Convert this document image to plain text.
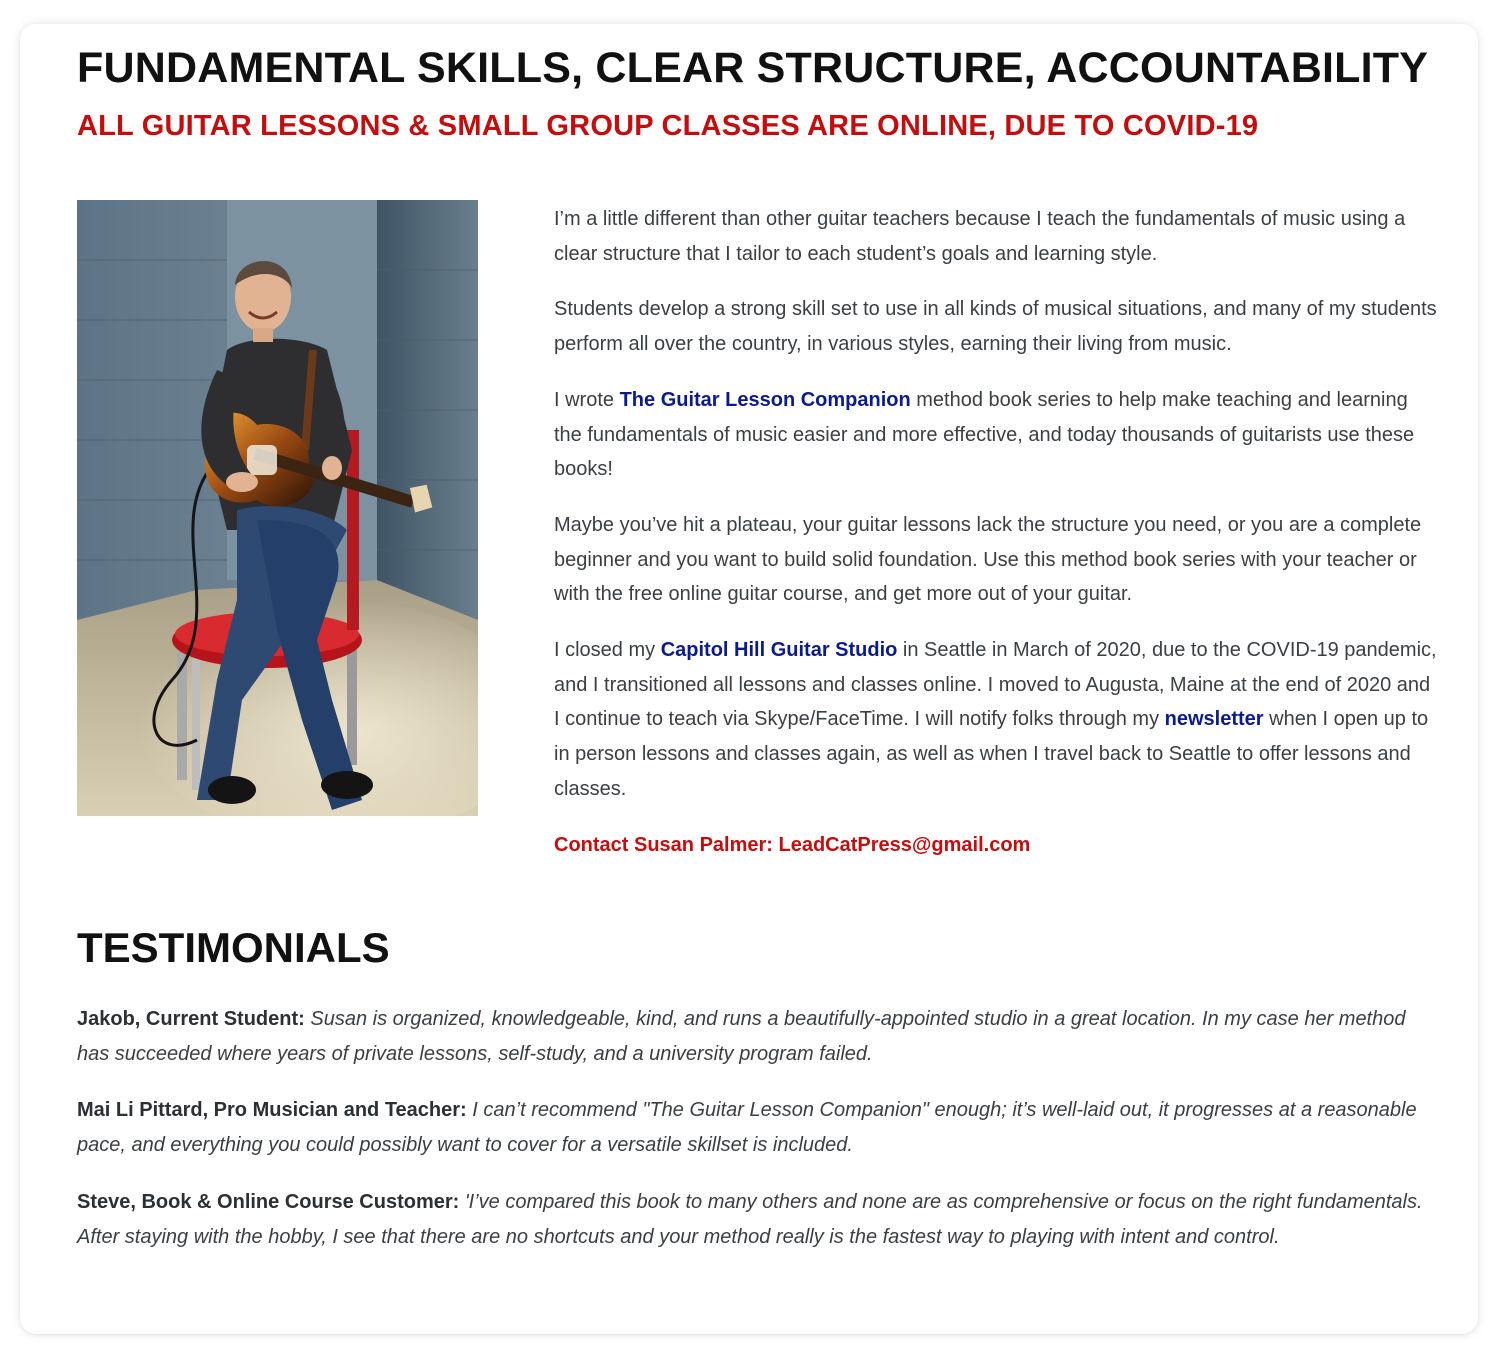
FUNDAMENTAL SKILLS, CLEAR STRUCTURE, ACCOUNTABILITY
ALL GUITAR LESSONS & SMALL GROUP CLASSES ARE ONLINE, DUE TO COVID-19

I’m a little different than other guitar teachers because I teach the fundamentals of music using a clear structure that I tailor to each student’s goals and learning style.

Students develop a strong skill set to use in all kinds of musical situations, and many of my students perform all over the country, in various styles, earning their living from music.

I wrote The Guitar Lesson Companion method book series to help make teaching and learning the fundamentals of music easier and more effective, and today thousands of guitarists use these books!

Maybe you’ve hit a plateau, your guitar lessons lack the structure you need, or you are a complete beginner and you want to build solid foundation. Use this method book series with your teacher or with the free online guitar course, and get more out of your guitar.

I closed my Capitol Hill Guitar Studio in Seattle in March of 2020, due to the COVID-19 pandemic, and I transitioned all lessons and classes online. I moved to Augusta, Maine at the end of 2020 and I continue to teach via Skype/FaceTime. I will notify folks through my newsletter when I open up to in person lessons and classes again, as well as when I travel back to Seattle to offer lessons and classes.

Contact Susan Palmer: LeadCatPress@gmail.com

TESTIMONIALS

Jakob, Current Student: Susan is organized, knowledgeable, kind, and runs a beautifully-appointed studio in a great location. In my case her method has succeeded where years of private lessons, self-study, and a university program failed.

Mai Li Pittard, Pro Musician and Teacher: I can’t recommend "The Guitar Lesson Companion" enough; it’s well-laid out, it progresses at a reasonable pace, and everything you could possibly want to cover for a versatile skillset is included.

Steve, Book & Online Course Customer: 'I’ve compared this book to many others and none are as comprehensive or focus on the right fundamentals. After staying with the hobby, I see that there are no shortcuts and your method really is the fastest way to playing with intent and control.
